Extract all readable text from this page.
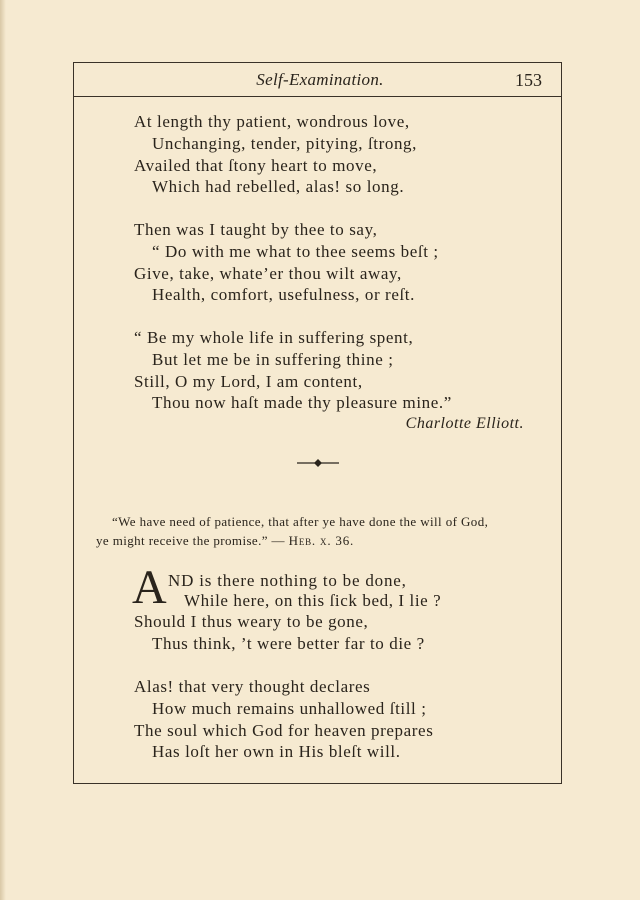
Self-Examination.	153
At length thy patient, wondrous love,
Unchanging, tender, pitying, ſtrong,
Availed that ſtony heart to move,
Which had rebelled, alas! so long.
Then was I taught by thee to say,
“ Do with me what to thee seems beſt ;
Give, take, whate’er thou wilt away,
Health, comfort, usefulness, or reſt.
“ Be my whole life in suffering spent,
But let me be in suffering thine ;
Still, O my Lord, I am content,
Thou now haſt made thy pleasure mine.”
Charlotte Elliott.
“We have need of patience, that after ye have done the will of God,
ye might receive the promise.” — Heb. x. 36.
A ND is there nothing to be done,
While here, on this ſick bed, I lie ?
Should I thus weary to be gone,
Thus think, ’t were better far to die ?
Alas! that very thought declares
How much remains unhallowed ſtill ;
The soul which God for heaven prepares
Has loſt her own in His bleſt will.
